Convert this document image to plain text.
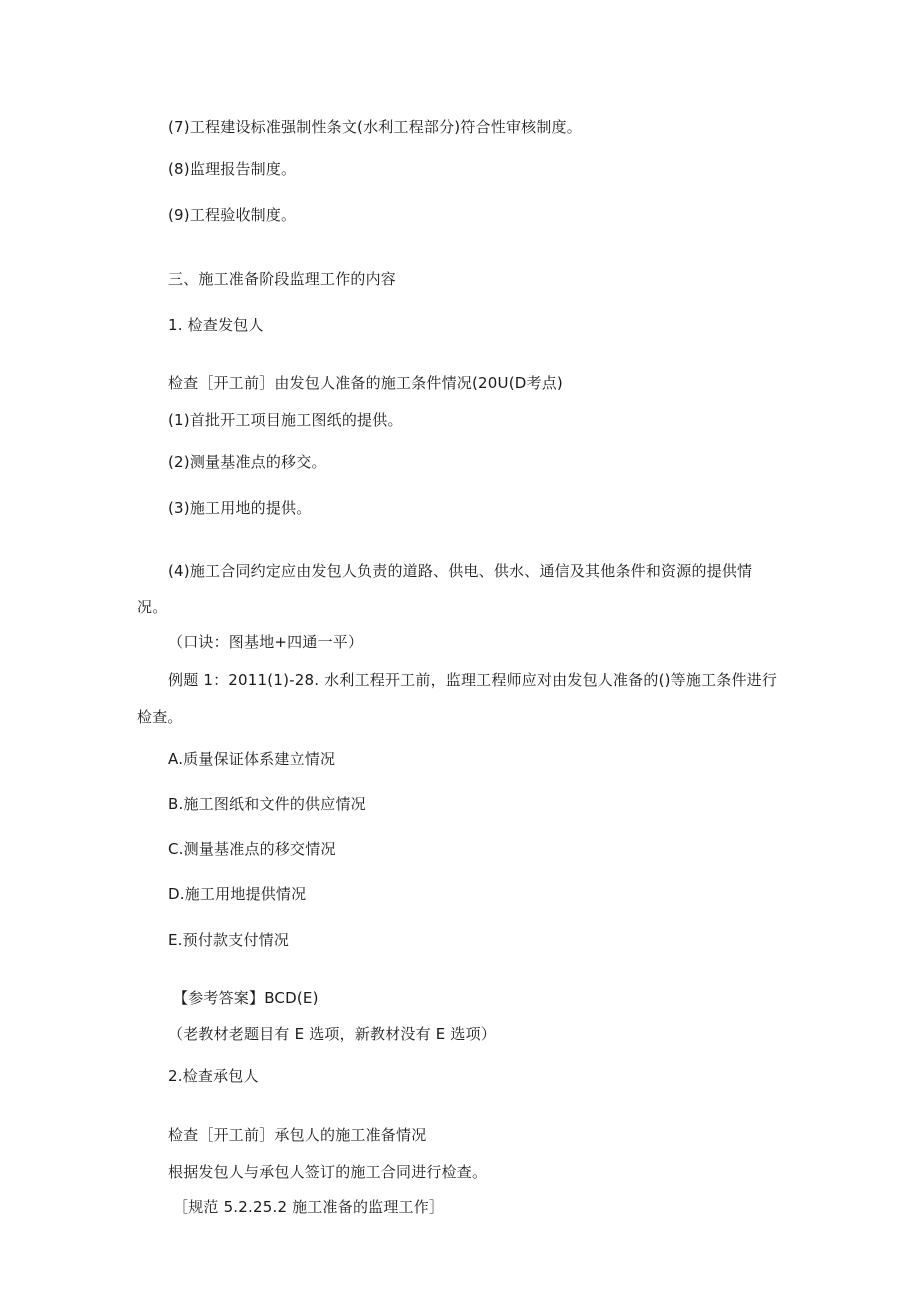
(7)工程建设标准强制性条文(水利工程部分)符合性审核制度。
(8)监理报告制度。
(9)工程验收制度。
三、施工准备阶段监理工作的内容
1. 检查发包人
检查［开工前］由发包人准备的施工条件情况(20U(D考点)
(1)首批开工项目施工图纸的提供。
(2)测量基准点的移交。
(3)施工用地的提供。
(4)施工合同约定应由发包人负责的道路、供电、供水、通信及其他条件和资源的提供情
况。
（口诀：图基地+四通一平）
例题 1：2011(1)-28. 水利工程开工前，监理工程师应对由发包人准备的()等施工条件进行
检查。
A.质量保证体系建立情况
B.施工图纸和文件的供应情况
C.测量基准点的移交情况
D.施工用地提供情况
E.预付款支付情况
【参考答案】BCD(E)
（老教材老题目有 E 选项，新教材没有 E 选项）
2.检查承包人
检查［开工前］承包人的施工准备情况
根据发包人与承包人签订的施工合同进行检查。
［规范 5.2.25.2 施工准备的监理工作］
